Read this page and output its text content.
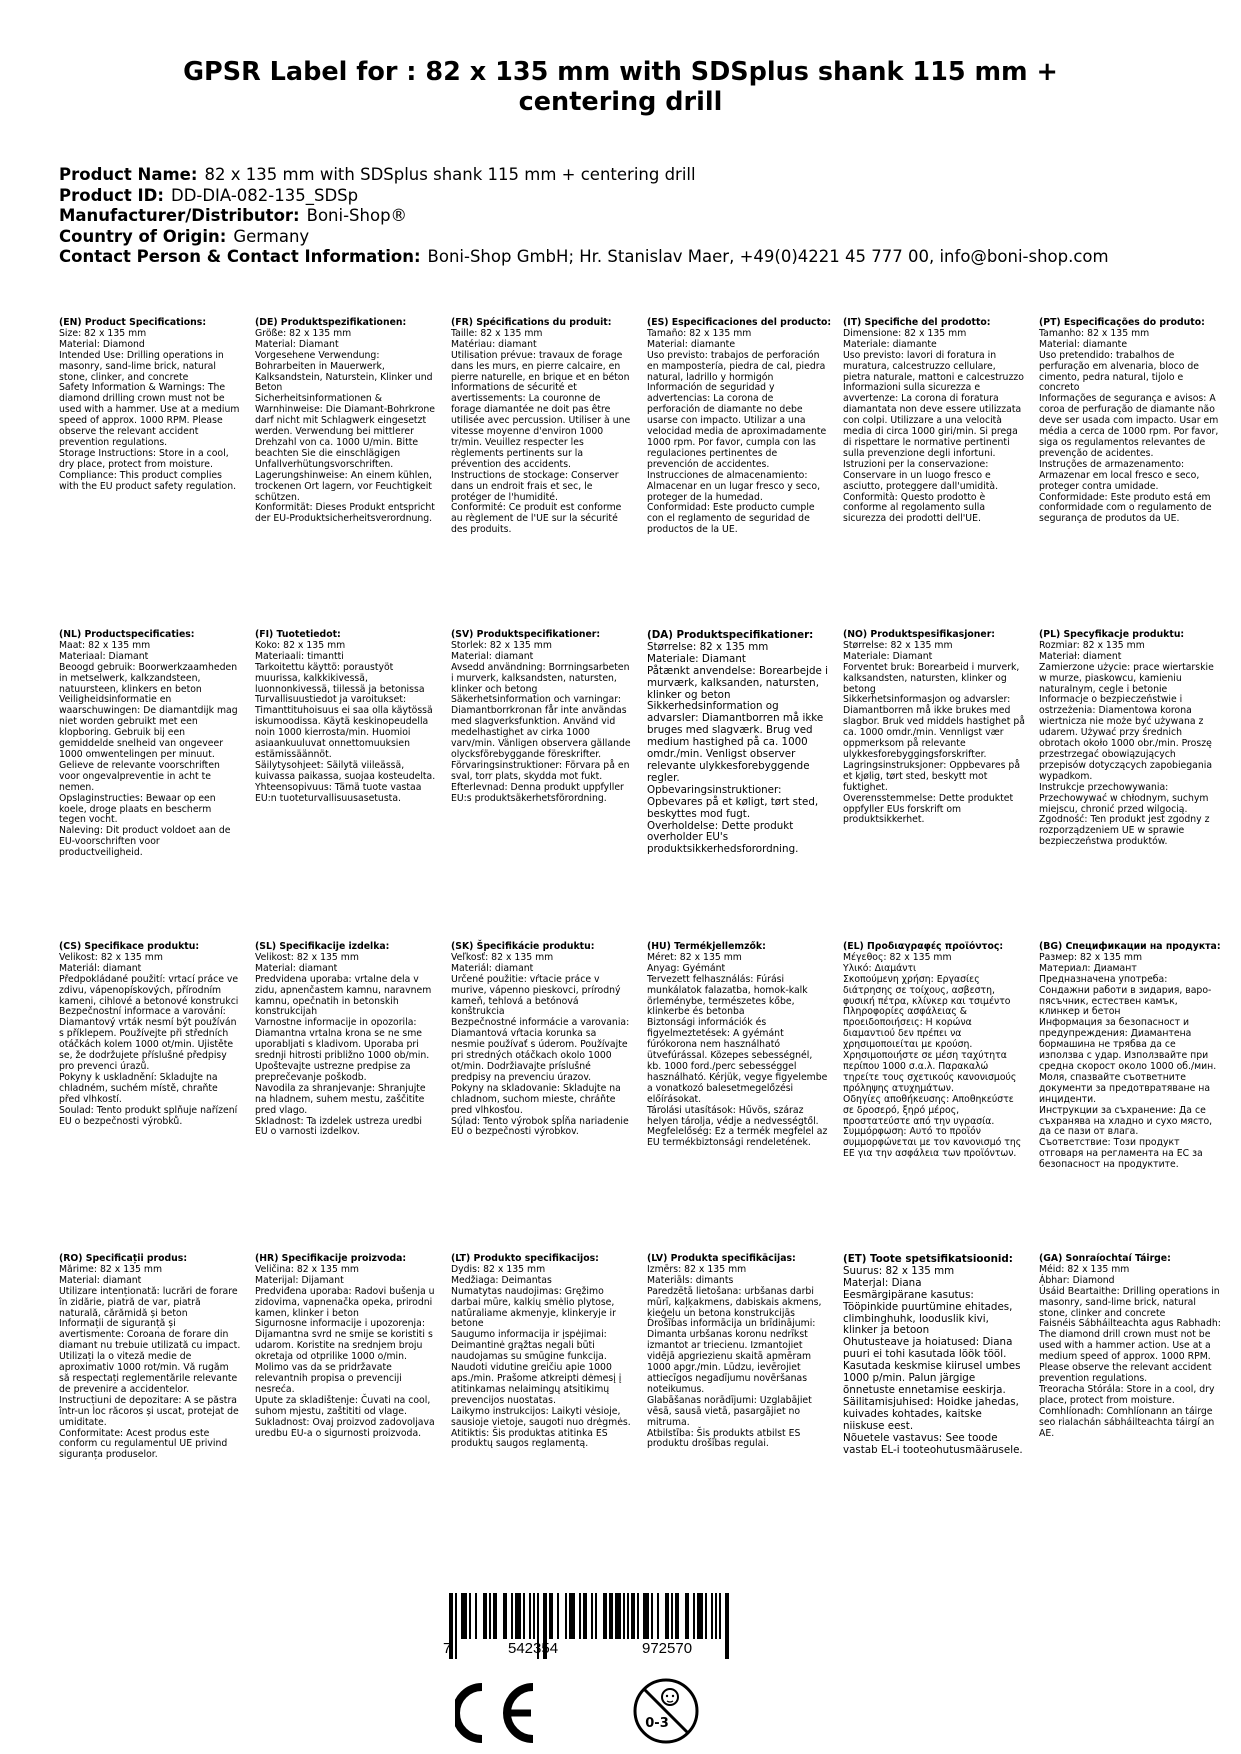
GPSR Label for : 82 x 135 mm with SDSplus shank 115 mm + centering drill
Product Name: 82 x 135 mm with SDSplus shank 115 mm + centering drill
Product ID: DD-DIA-082-135_SDSp
Manufacturer/Distributor: Boni-Shop®
Country of Origin: Germany
Contact Person & Contact Information: Boni-Shop GmbH; Hr. Stanislav Maer, +49(0)4221 45 777 00, info@boni-shop.com
(EN) Product Specifications:
Size: 82 x 135 mm
Material: Diamond
Intended Use: Drilling operations in masonry, sand-lime brick, natural stone, clinker, and concrete
Safety Information & Warnings: The diamond drilling crown must not be used with a hammer. Use at a medium speed of approx. 1000 RPM. Please observe the relevant accident prevention regulations.
Storage Instructions: Store in a cool, dry place, protect from moisture.
Compliance: This product complies with the EU product safety regulation.
(DE) Produktspezifikationen:
Größe: 82 x 135 mm
Material: Diamant
Vorgesehene Verwendung: Bohrarbeiten in Mauerwerk, Kalksandstein, Naturstein, Klinker und Beton
Sicherheitsinformationen & Warnhinweise: Die Diamant-Bohrkrone darf nicht mit Schlagwerk eingesetzt werden. Verwendung bei mittlerer Drehzahl von ca. 1000 U/min. Bitte beachten Sie die einschlägigen Unfallverhütungsvorschriften.
Lagerungshinweise: An einem kühlen, trockenen Ort lagern, vor Feuchtigkeit schützen.
Konformität: Dieses Produkt entspricht der EU-Produktsicherheitsverordnung.
(FR) Spécifications du produit:
Taille: 82 x 135 mm
Matériau: diamant
Utilisation prévue: travaux de forage dans les murs, en pierre calcaire, en pierre naturelle, en brique et en béton
Informations de sécurité et avertissements: La couronne de forage diamantée ne doit pas être utilisée avec percussion. Utiliser à une vitesse moyenne d'environ 1000 tr/min. Veuillez respecter les règlements pertinents sur la prévention des accidents.
Instructions de stockage: Conserver dans un endroit frais et sec, le protéger de l'humidité.
Conformité: Ce produit est conforme au règlement de l'UE sur la sécurité des produits.
(ES) Especificaciones del producto:
Tamaño: 82 x 135 mm
Material: diamante
Uso previsto: trabajos de perforación en mampostería, piedra de cal, piedra natural, ladrillo y hormigón
Información de seguridad y advertencias: La corona de perforación de diamante no debe usarse con impacto. Utilizar a una velocidad media de aproximadamente 1000 rpm. Por favor, cumpla con las regulaciones pertinentes de prevención de accidentes.
Instrucciones de almacenamiento: Almacenar en un lugar fresco y seco, proteger de la humedad.
Conformidad: Este producto cumple con el reglamento de seguridad de productos de la UE.
(IT) Specifiche del prodotto:
Dimensione: 82 x 135 mm
Materiale: diamante
Uso previsto: lavori di foratura in muratura, calcestruzzo cellulare, pietra naturale, mattoni e calcestruzzo
Informazioni sulla sicurezza e avvertenze: La corona di foratura diamantata non deve essere utilizzata con colpi. Utilizzare a una velocità media di circa 1000 giri/min. Si prega di rispettare le normative pertinenti sulla prevenzione degli infortuni.
Istruzioni per la conservazione: Conservare in un luogo fresco e asciutto, proteggere dall'umidità.
Conformità: Questo prodotto è conforme al regolamento sulla sicurezza dei prodotti dell'UE.
(PT) Especificações do produto:
Tamanho: 82 x 135 mm
Material: diamante
Uso pretendido: trabalhos de perfuração em alvenaria, bloco de cimento, pedra natural, tijolo e concreto
Informações de segurança e avisos: A coroa de perfuração de diamante não deve ser usada com impacto. Usar em média a cerca de 1000 rpm. Por favor, siga os regulamentos relevantes de prevenção de acidentes.
Instruções de armazenamento: Armazenar em local fresco e seco, proteger contra umidade.
Conformidade: Este produto está em conformidade com o regulamento de segurança de produtos da UE.
(NL) Productspecificaties:
Maat: 82 x 135 mm
Materiaal: Diamant
Beoogd gebruik: Boorwerkzaamheden in metselwerk, kalkzandsteen, natuursteen, klinkers en beton
Veiligheidsinformatie en waarschuwingen: De diamantdijk mag niet worden gebruikt met een klopboring. Gebruik bij een gemiddelde snelheid van ongeveer 1000 omwentelingen per minuut. Gelieve de relevante voorschriften voor ongevalpreventie in acht te nemen.
Opslaginstructies: Bewaar op een koele, droge plaats en bescherm tegen vocht.
Naleving: Dit product voldoet aan de EU-voorschriften voor productveiligheid.
(FI) Tuotetiedot:
Koko: 82 x 135 mm
Materiaali: timantti
Tarkoitettu käyttö: poraustyöt muurissa, kalkkikivessä, luonnonkivessä, tiilessä ja betonissa
Turvallisuustiedot ja varoitukset: Timanttituhoisuus ei saa olla käytössä iskumoodissa. Käytä keskinopeudella noin 1000 kierrosta/min. Huomioi asiaankuuluvat onnettomuuksien estämissäännöt.
Säilytysohjeet: Säilytä viileässä, kuivassa paikassa, suojaa kosteudelta.
Yhteensopivuus: Tämä tuote vastaa EU:n tuoteturvallisuusasetusta.
(SV) Produktspecifikationer:
Storlek: 82 x 135 mm
Material: diamant
Avsedd användning: Borrningsarbeten i murverk, kalksandsten, natursten, klinker och betong
Säkerhetsinformation och varningar: Diamantborrkronan får inte användas med slagverksfunktion. Använd vid medelhastighet av cirka 1000 varv/min. Vänligen observera gällande olycksförebyggande föreskrifter.
Förvaringsinstruktioner: Förvara på en sval, torr plats, skydda mot fukt.
Efterlevnad: Denna produkt uppfyller EU:s produktsäkerhetsförordning.
(DA) Produktspecifikationer:
Størrelse: 82 x 135 mm
Materiale: Diamant
Påtænkt anvendelse: Borearbejde i murværk, kalksanden, natursten, klinker og beton
Sikkerhedsinformation og advarsler: Diamantborren må ikke bruges med slagværk. Brug ved medium hastighed på ca. 1000 omdr./min. Venligst observer relevante ulykkesforebyggende regler.
Opbevaringsinstruktioner: Opbevares på et køligt, tørt sted, beskyttes mod fugt.
Overholdelse: Dette produkt overholder EU's produktsikkerhedsforordning.
(NO) Produktspesifikasjoner:
Størrelse: 82 x 135 mm
Materiale: Diamant
Forventet bruk: Borearbeid i murverk, kalksandsten, natursten, klinker og betong
Sikkerhetsinformasjon og advarsler: Diamantborren må ikke brukes med slagbor. Bruk ved middels hastighet på ca. 1000 omdr./min. Vennligst vær oppmerksom på relevante ulykkesforebyggingsforskrifter.
Lagringsinstruksjoner: Oppbevares på et kjølig, tørt sted, beskytt mot fuktighet.
Overensstemmelse: Dette produktet oppfyller EUs forskrift om produktsikkerhet.
(PL) Specyfikacje produktu:
Rozmiar: 82 x 135 mm
Materiał: diament
Zamierzone użycie: prace wiertarskie w murze, piaskowcu, kamieniu naturalnym, cegle i betonie
Informacje o bezpieczeństwie i ostrzeżenia: Diamentowa korona wiertnicza nie może być używana z udarem. Używać przy średnich obrotach około 1000 obr./min. Proszę przestrzegać obowiązujących przepisów dotyczących zapobiegania wypadkom.
Instrukcje przechowywania: Przechowywać w chłodnym, suchym miejscu, chronić przed wilgocią.
Zgodność: Ten produkt jest zgodny z rozporządzeniem UE w sprawie bezpieczeństwa produktów.
(CS) Specifikace produktu:
Velikost: 82 x 135 mm
Materiál: diamant
Předpokládané použití: vrtací práce ve zdivu, vápenopískových, přírodním kameni, cihlové a betonové konstrukci
Bezpečnostní informace a varování: Diamantový vrták nesmí být používán s příklepem. Používejte při středních otáčkách kolem 1000 ot/min. Ujistěte se, že dodržujete příslušné předpisy pro prevenci úrazů.
Pokyny k uskladnění: Skladujte na chladném, suchém místě, chraňte před vlhkostí.
Soulad: Tento produkt splňuje nařízení EU o bezpečnosti výrobků.
(SL) Specifikacije izdelka:
Velikost: 82 x 135 mm
Material: diamant
Predvidena uporaba: vrtalne dela v zidu, apnenčastem kamnu, naravnem kamnu, opečnatih in betonskih konstrukcijah
Varnostne informacije in opozorila: Diamantna vrtalna krona se ne sme uporabljati s kladivom. Uporaba pri srednji hitrosti približno 1000 ob/min. Upoštevajte ustrezne predpise za preprečevanje poškodb.
Navodila za shranjevanje: Shranjujte na hladnem, suhem mestu, zaščitite pred vlago.
Skladnost: Ta izdelek ustreza uredbi EU o varnosti izdelkov.
(SK) Špecifikácie produktu:
Veľkosť: 82 x 135 mm
Materiál: diamant
Určené použitie: vŕtacie práce v murive, vápenno pieskovci, prírodný kameň, tehlová a betónová konštrukcia
Bezpečnostné informácie a varovania: Diamantová vŕtacia korunka sa nesmie používať s úderom. Používajte pri stredných otáčkach okolo 1000 ot/min. Dodržiavajte príslušné predpisy na prevenciu úrazov.
Pokyny na skladovanie: Skladujte na chladnom, suchom mieste, chráňte pred vlhkosťou.
Súlad: Tento výrobok spĺňa nariadenie EÚ o bezpečnosti výrobkov.
(HU) Termékjellemzők:
Méret: 82 x 135 mm
Anyag: Gyémánt
Tervezett felhasználás: Fúrási munkálatok falazatba, homok-kalk örleménybe, természetes kőbe, klinkerbe és betonba
Biztonsági információk és figyelmeztetések: A gyémánt fúrókorona nem használható ütvefúrással. Közepes sebességnél, kb. 1000 ford./perc sebességgel használható. Kérjük, vegye figyelembe a vonatkozó balesetmegelőzési előírásokat.
Tárolási utasítások: Hűvös, száraz helyen tárolja, védje a nedvességtől.
Megfelelőség: Ez a termék megfelel az EU termékbiztonsági rendeletének.
(EL) Προδιαγραφές προϊόντος:
Μέγεθος: 82 x 135 mm
Υλικό: Διαμάντι
Σκοπούμενη χρήση: Εργασίες διάτρησης σε τοίχους, ασβεστη, φυσική πέτρα, κλίνκερ και τσιμέντο
Πληροφορίες ασφάλειας & προειδοποιήσεις: Η κορώνα διαμαντιού δεν πρέπει να χρησιμοποιείται με κρούση. Χρησιμοποιήστε σε μέση ταχύτητα περίπου 1000 σ.α.λ. Παρακαλώ τηρείτε τους σχετικούς κανονισμούς πρόληψης ατυχημάτων.
Οδηγίες αποθήκευσης: Αποθηκεύστε σε δροσερό, ξηρό μέρος, προστατεύστε από την υγρασία.
Συμμόρφωση: Αυτό το προϊόν συμμορφώνεται με τον κανονισμό της ΕΕ για την ασφάλεια των προϊόντων.
(BG) Спецификации на продукта:
Размер: 82 x 135 mm
Материал: Диамант
Предназначена употреба: Сондажни работи в зидария, варо-пясъчник, естествен камък, клинкер и бетон
Информация за безопасност и предупреждения: Диамантена бормашина не трябва да се използва с удар. Използвайте при средна скорост около 1000 об./мин. Моля, спазвайте съответните документи за предотвратяване на инциденти.
Инструкции за съхранение: Да се съхранява на хладно и сухо място, да се пази от влага.
Съответствие: Този продукт отговаря на регламента на ЕС за безопасност на продуктите.
(RO) Specificații produs:
Mărime: 82 x 135 mm
Material: diamant
Utilizare intenționată: lucrări de forare în zidărie, piatră de var, piatră naturală, cărămidă și beton
Informații de siguranță și avertismente: Coroana de forare din diamant nu trebuie utilizată cu impact. Utilizați la o viteză medie de aproximativ 1000 rot/min. Vă rugăm să respectați reglementările relevante de prevenire a accidentelor.
Instrucțiuni de depozitare: A se păstra într-un loc răcoros și uscat, protejat de umiditate.
Conformitate: Acest produs este conform cu regulamentul UE privind siguranța produselor.
(HR) Specifikacije proizvoda:
Veličina: 82 x 135 mm
Materijal: Dijamant
Predviđena uporaba: Radovi bušenja u zidovima, vapnenačka opeka, prirodni kamen, klinker i beton
Sigurnosne informacije i upozorenja: Dijamantna svrd ne smije se koristiti s udarom. Koristite na srednjem broju okretaja od otprilike 1000 o/min. Molimo vas da se pridržavate relevantnih propisa o prevenciji nesreća.
Upute za skladištenje: Čuvati na cool, suhom mjestu, zaštititi od vlage.
Sukladnost: Ovaj proizvod zadovoljava uredbu EU-a o sigurnosti proizvoda.
(LT) Produkto specifikacijos:
Dydis: 82 x 135 mm
Medžiaga: Deimantas
Numatytas naudojimas: Gręžimo darbai mūre, kalkių smėlio plytose, natūraliame akmenyje, klinkeryje ir betone
Saugumo informacija ir įspėjimai: Deimantinė grąžtas negali būti naudojamas su smūgine funkcija. Naudoti vidutine greičiu apie 1000 aps./min. Prašome atkreipti dėmesį į atitinkamas nelaimingų atsitikimų prevencijos nuostatas.
Laikymo instrukcijos: Laikyti vėsioje, sausioje vietoje, saugoti nuo drėgmės.
Atitiktis: Šis produktas atitinka ES produktų saugos reglamentą.
(LV) Produkta specifikācijas:
Izmērs: 82 x 135 mm
Materiāls: dimants
Paredzētā lietošana: urbšanas darbi mūrī, kaļķakmens, dabiskais akmens, ķieģeļu un betona konstrukcijās
Drošības informācija un brīdinājumi: Dimanta urbšanas koronu nedrīkst izmantot ar triecienu. Izmantojiet vidējā apgriezienu skaitā apmēram 1000 apgr./min. Lūdzu, ievērojiet attiecīgos negadījumu novēršanas noteikumus.
Glabāšanas norādījumi: Uzglabājiet vēsā, sausā vietā, pasargājiet no mitruma.
Atbilstība: Šis produkts atbilst ES produktu drošības regulai.
(ET) Toote spetsifikatsioonid:
Suurus: 82 x 135 mm
Materjal: Diana
Eesmärgipärane kasutus: Tööpinkide puurtümine ehitades, climbinghuhk, looduslik kivi, klinker ja betoon
Ohutusteave ja hoiatused: Diana puuri ei tohi kasutada löök tööl. Kasutada keskmise kiirusel umbes 1000 p/min. Palun järgige õnnetuste ennetamise eeskirja.
Säilitamisjuhised: Hoidke jahedas, kuivades kohtades, kaitske niiskuse eest.
Nõuetele vastavus: See toode vastab EL-i tooteohutusmäärusele.
(GA) Sonraíochtaí Táirge:
Méid: 82 x 135 mm
Ábhar: Diamond
Úsáid Beartaithe: Drilling operations in masonry, sand-lime brick, natural stone, clinker and concrete
Faisnéis Sábháilteachta agus Rabhadh: The diamond drill crown must not be used with a hammer action. Use at a medium speed of approx. 1000 RPM. Please observe the relevant accident prevention regulations.
Treoracha Stórála: Store in a cool, dry place, protect from moisture.
Comhlíonadh: Comhlíonann an táirge seo rialachán sábháilteachta táirgí an AE.
7	542354	972570
0-3
